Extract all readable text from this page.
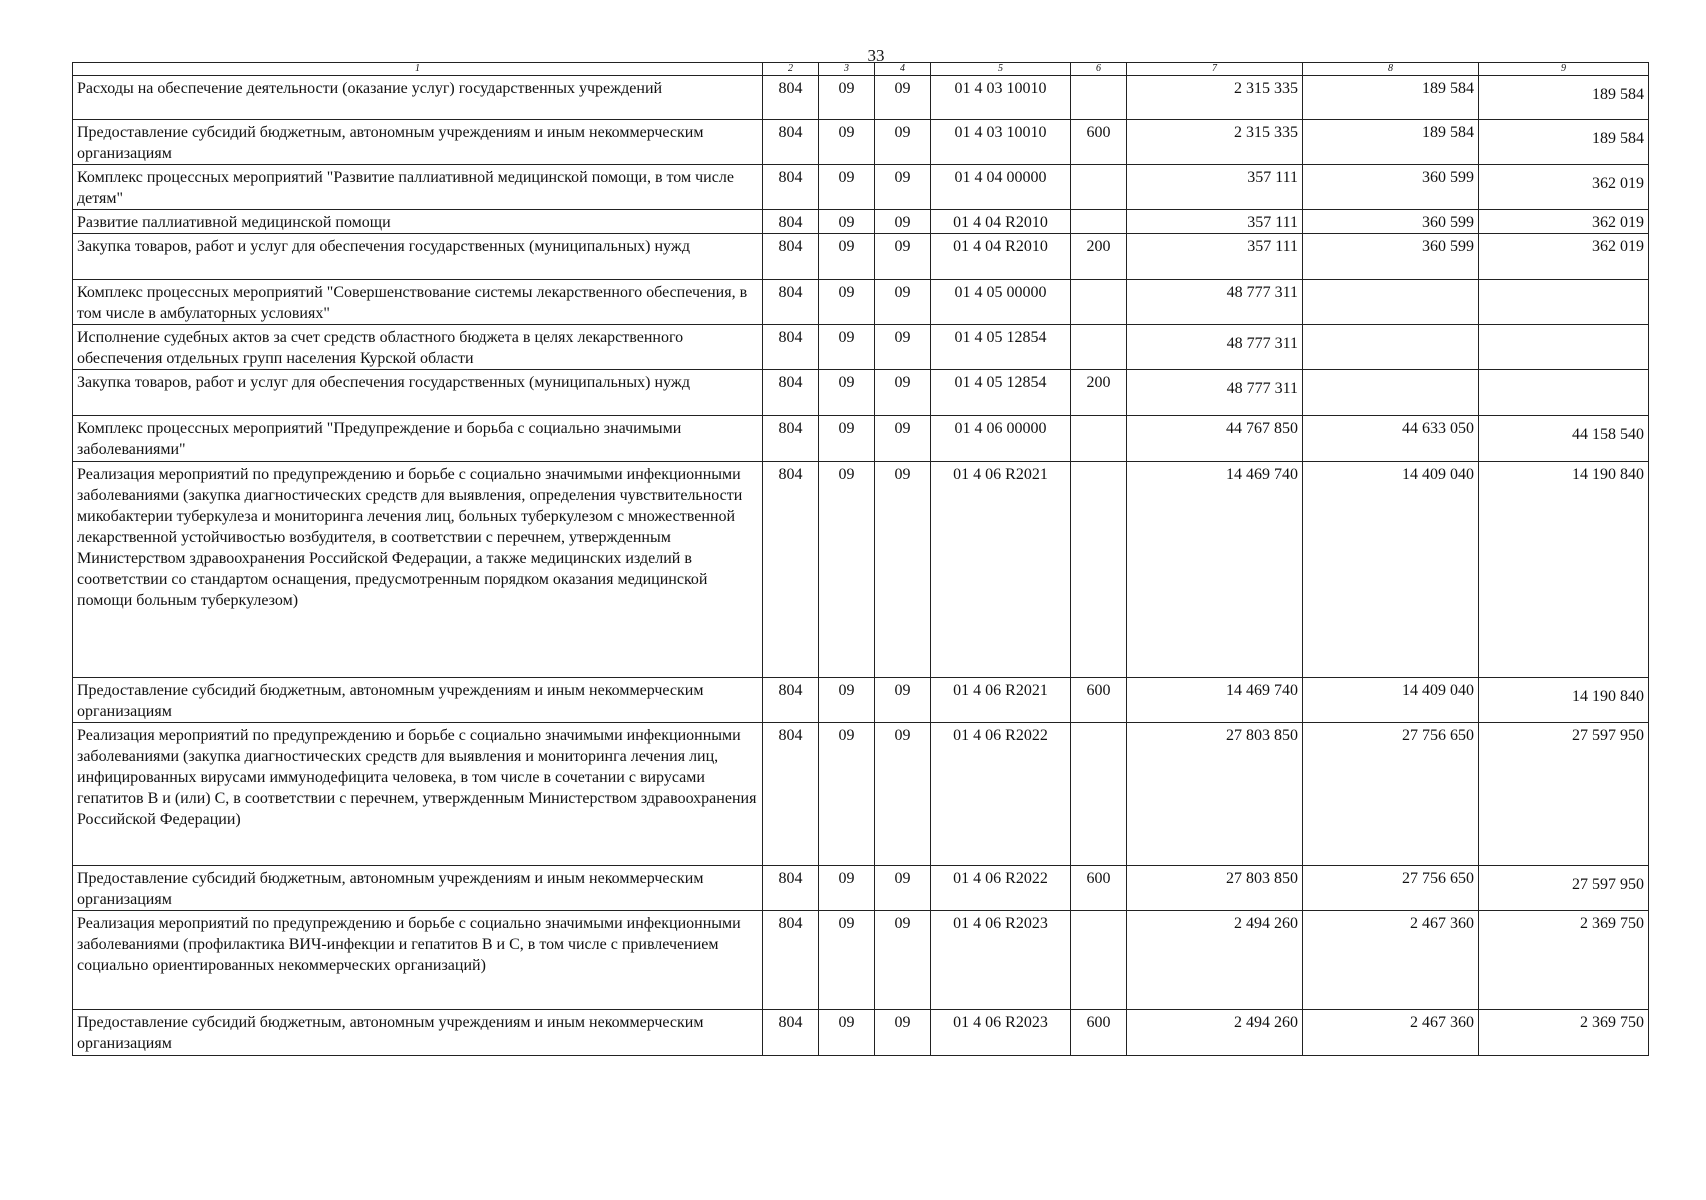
33
1	2	3	4	5	6	7	8	9
Расходы на обеспечение деятельности (оказание услуг) государственных учреждений	804	09	09	01 4 03 10010		2 315 335	189 584	189 584
Предоставление субсидий бюджетным, автономным учреждениям и иным некоммерческим организациям	804	09	09	01 4 03 10010	600	2 315 335	189 584	189 584
Комплекс процессных мероприятий "Развитие паллиативной медицинской помощи, в том числе детям"	804	09	09	01 4 04 00000		357 111	360 599	362 019
Развитие паллиативной медицинской помощи	804	09	09	01 4 04 R2010		357 111	360 599	362 019
Закупка товаров, работ и услуг для обеспечения государственных (муниципальных) нужд	804	09	09	01 4 04 R2010	200	357 111	360 599	362 019
Комплекс процессных мероприятий "Совершенствование системы лекарственного обеспечения, в том числе в амбулаторных условиях"	804	09	09	01 4 05 00000		48 777 311		
Исполнение судебных актов за счет средств областного бюджета в целях лекарственного обеспечения отдельных групп населения Курской области	804	09	09	01 4 05 12854		48 777 311		
Закупка товаров, работ и услуг для обеспечения государственных (муниципальных) нужд	804	09	09	01 4 05 12854	200	48 777 311		
Комплекс процессных мероприятий "Предупреждение и борьба с социально значимыми заболеваниями"	804	09	09	01 4 06 00000		44 767 850	44 633 050	44 158 540
Реализация мероприятий по предупреждению и борьбе с социально значимыми инфекционными заболеваниями (закупка диагностических средств для выявления, определения чувствительности микобактерии туберкулеза и мониторинга лечения лиц, больных туберкулезом с множественной лекарственной устойчивостью возбудителя, в соответствии с перечнем, утвержденным Министерством здравоохранения Российской Федерации, а также медицинских изделий в соответствии со стандартом оснащения, предусмотренным порядком оказания медицинской помощи больным туберкулезом)	804	09	09	01 4 06 R2021		14 469 740	14 409 040	14 190 840
Предоставление субсидий бюджетным, автономным учреждениям и иным некоммерческим организациям	804	09	09	01 4 06 R2021	600	14 469 740	14 409 040	14 190 840
Реализация мероприятий по предупреждению и борьбе с социально значимыми инфекционными заболеваниями (закупка диагностических средств для выявления и мониторинга лечения лиц, инфицированных вирусами иммунодефицита человека, в том числе в сочетании с вирусами гепатитов B и (или) C, в соответствии с перечнем, утвержденным Министерством здравоохранения Российской Федерации)	804	09	09	01 4 06 R2022		27 803 850	27 756 650	27 597 950
Предоставление субсидий бюджетным, автономным учреждениям и иным некоммерческим организациям	804	09	09	01 4 06 R2022	600	27 803 850	27 756 650	27 597 950
Реализация мероприятий по предупреждению и борьбе с социально значимыми инфекционными заболеваниями (профилактика ВИЧ-инфекции и гепатитов B и C, в том числе с привлечением социально ориентированных некоммерческих организаций)	804	09	09	01 4 06 R2023		2 494 260	2 467 360	2 369 750
Предоставление субсидий бюджетным, автономным учреждениям и иным некоммерческим организациям	804	09	09	01 4 06 R2023	600	2 494 260	2 467 360	2 369 750
